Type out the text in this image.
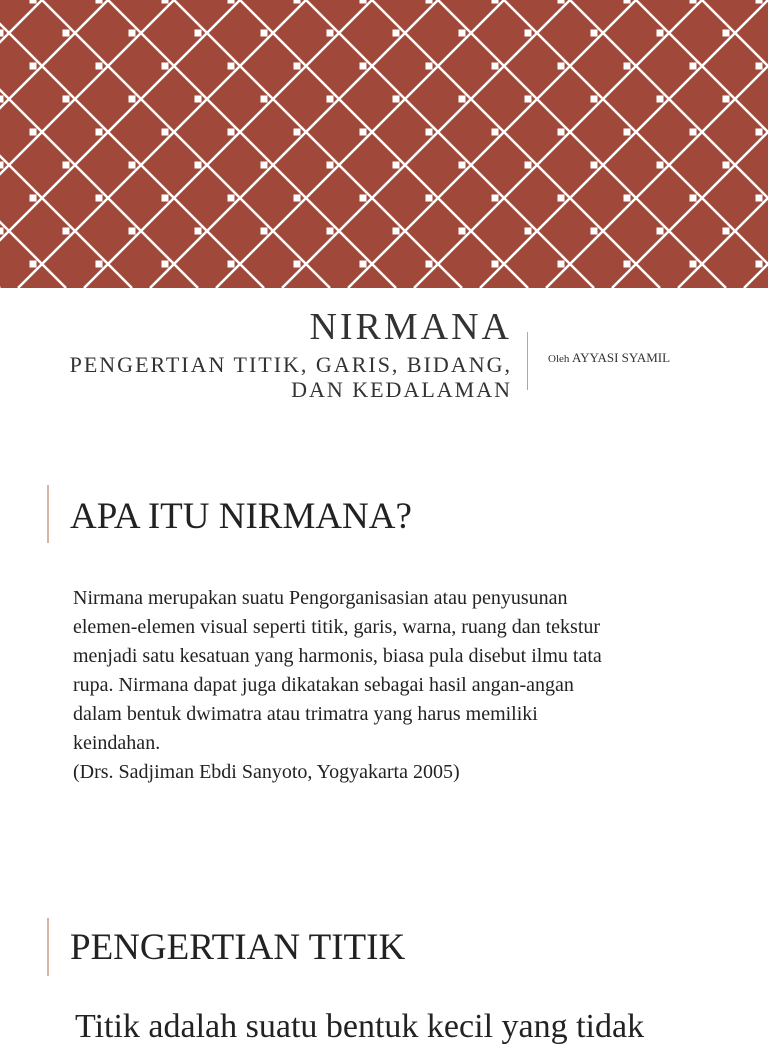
NIRMANA
PENGERTIAN TITIK, GARIS, BIDANG,
DAN KEDALAMAN
Oleh AYYASI SYAMIL
APA ITU NIRMANA?
Nirmana merupakan suatu Pengorganisasian atau penyusunan
elemen-elemen visual seperti titik, garis, warna, ruang dan tekstur
menjadi satu kesatuan yang harmonis, biasa pula disebut ilmu tata
rupa. Nirmana dapat juga dikatakan sebagai hasil angan-angan
dalam bentuk dwimatra atau trimatra yang harus memiliki
keindahan.
(Drs. Sadjiman Ebdi Sanyoto, Yogyakarta 2005)
PENGERTIAN TITIK

Titik adalah suatu bentuk kecil yang tidak
